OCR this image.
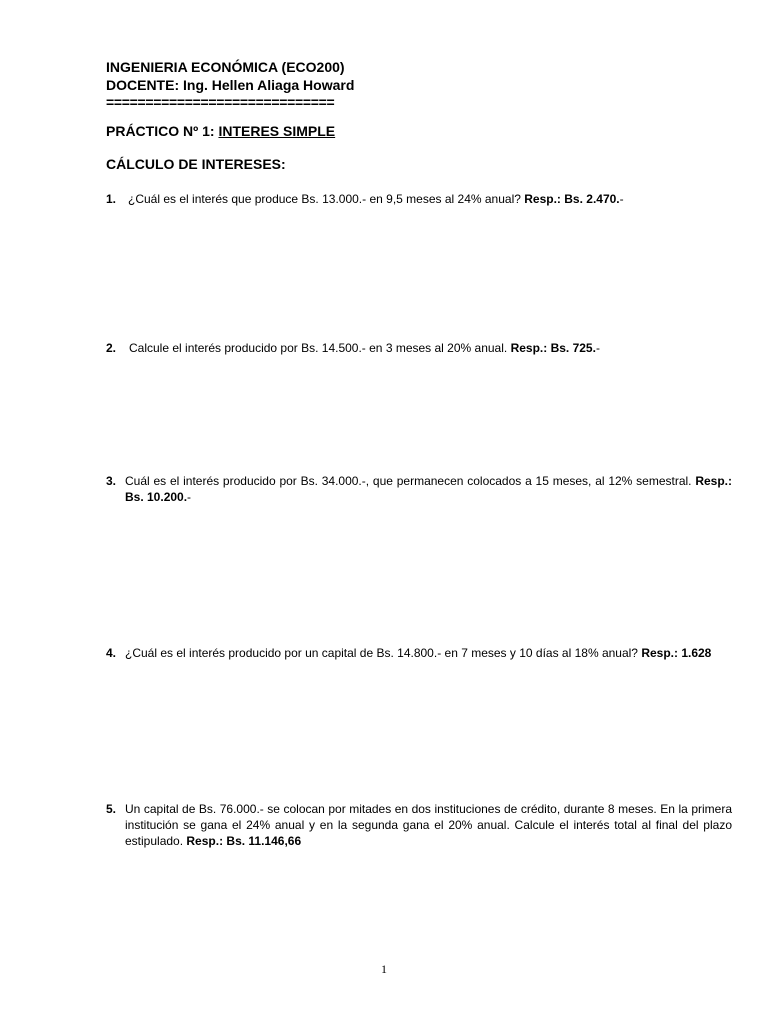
INGENIERIA ECONÓMICA (ECO200)
DOCENTE: Ing. Hellen Aliaga Howard
=============================
PRÁCTICO Nº 1: INTERES SIMPLE
CÁLCULO DE INTERESES:
1. ¿Cuál es el interés que produce Bs. 13.000.- en 9,5 meses al 24% anual? Resp.: Bs. 2.470.-
2. Calcule el interés producido por Bs. 14.500.- en 3 meses al 20% anual. Resp.: Bs. 725.-
3. Cuál es el interés producido por Bs. 34.000.-, que permanecen colocados a 15 meses, al 12% semestral. Resp.: Bs. 10.200.-
4. ¿Cuál es el interés producido por un capital de Bs. 14.800.- en 7 meses y 10 días al 18% anual? Resp.: 1.628
5. Un capital de Bs. 76.000.- se colocan por mitades en dos instituciones de crédito, durante 8 meses. En la primera institución se gana el 24% anual y en la segunda gana el 20% anual. Calcule el interés total al final del plazo estipulado. Resp.: Bs. 11.146,66
1
